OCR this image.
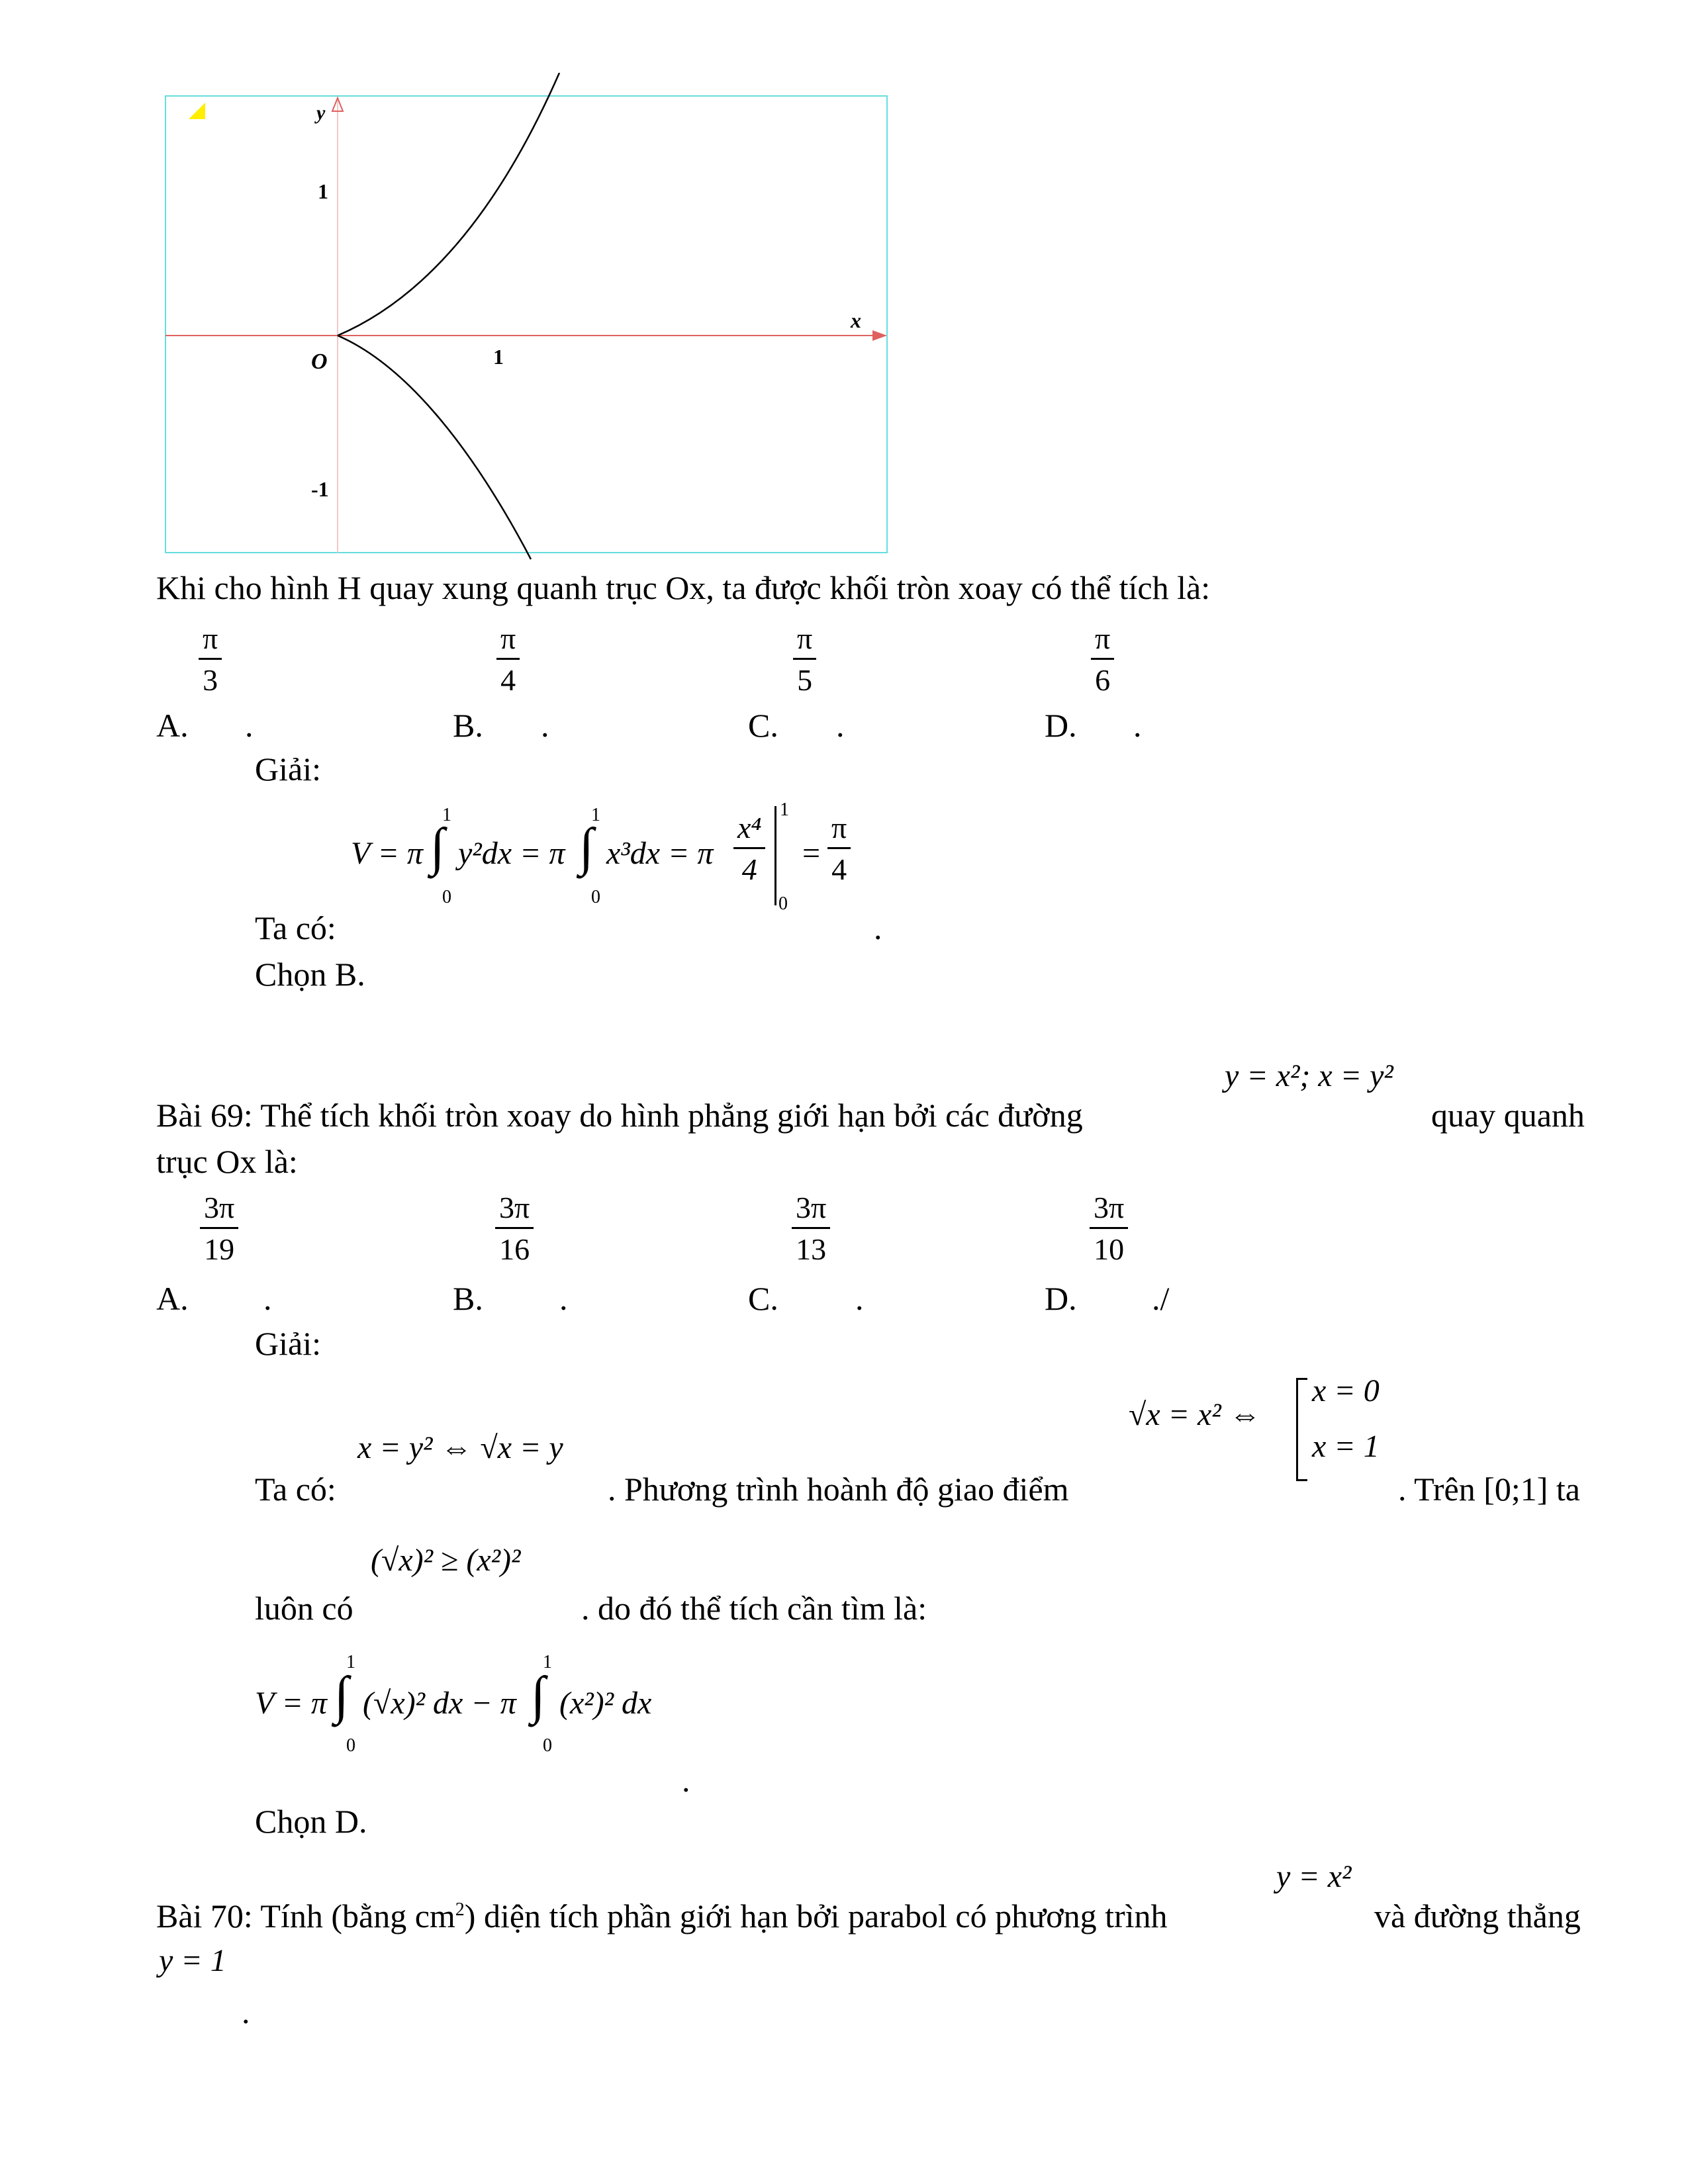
y
x
O
1
1
-1
Khi cho hình H quay xung quanh trục Ox, ta được khối tròn xoay có thể tích là:
π
3
A. .
π
4
B. .
π
5
C. .
π
6
D. .
Giải:
V = π ∫
1
0
y²dx = π ∫
1
0
x³dx = π
x⁴
4
1
0
=
π
4
Ta có:	.
Chọn B.
y = x²; x = y²
Bài 69: Thể tích khối tròn xoay do hình phẳng giới hạn bởi các đường	quay quanh
trục Ox là:
3π
19
A. .
3π
16
B. .
3π
13
C. .
3π
10
D. ./
Giải:
√x = x² ⇔
x = 0
x = 1
x = y² ⇔ √x = y
Ta có:	. Phương trình hoành độ giao điểm	. Trên [0;1] ta
(√x)² ≥ (x²)²
luôn có	. do đó thể tích cần tìm là:
V = π ∫
1
0
(√x)² dx − π ∫
1
0
(x²)² dx
.
Chọn D.
y = x²
Bài 70: Tính (bằng $cm^2$) diện tích phần giới hạn bởi parabol có phương trình	và đường thẳng
y = 1
.
